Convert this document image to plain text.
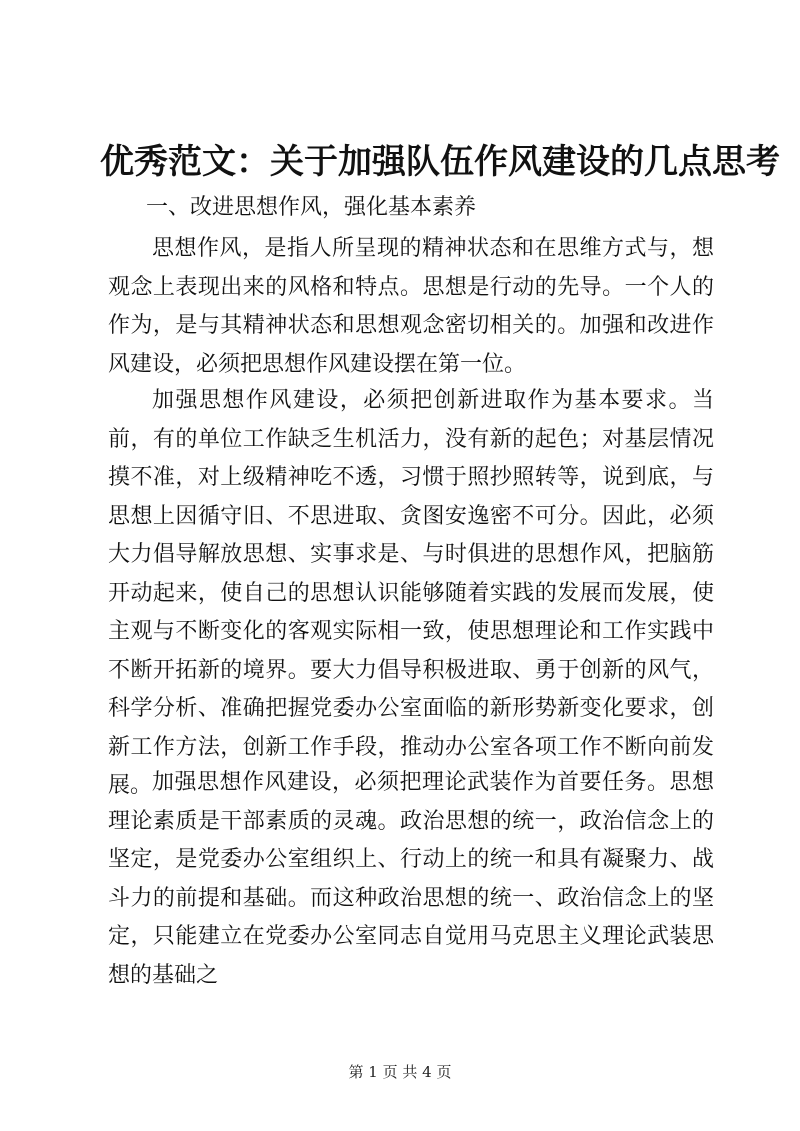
优秀范文：关于加强队伍作风建设的几点思考
一、改进思想作风，强化基本素养

思想作风，是指人所呈现的精神状态和在思维方式与，想观念上表现出来的风格和特点。思想是行动的先导。一个人的作为，是与其精神状态和思想观念密切相关的。加强和改进作风建设，必须把思想作风建设摆在第一位。

加强思想作风建设，必须把创新进取作为基本要求。当前，有的单位工作缺乏生机活力，没有新的起色；对基层情况摸不准，对上级精神吃不透，习惯于照抄照转等，说到底，与思想上因循守旧、不思进取、贪图安逸密不可分。因此，必须大力倡导解放思想、实事求是、与时俱进的思想作风，把脑筋开动起来，使自己的思想认识能够随着实践的发展而发展，使主观与不断变化的客观实际相一致，使思想理论和工作实践中不断开拓新的境界。要大力倡导积极进取、勇于创新的风气，科学分析、准确把握党委办公室面临的新形势新变化要求，创新工作方法，创新工作手段，推动办公室各项工作不断向前发展。 加强思想作风建设，必须把理论武装作为首要任务。思想理论素质是干部素质的灵魂。政治思想的统一，政治信念上的坚定，是党委办公室组织上、行动上的统一和具有凝聚力、战斗力的前提和基础。而这种政治思想的统一、政治信念上的坚定，只能建立在党委办公室同志自觉用马克思主义理论武装思想的基础之

第 1 页 共 4 页
